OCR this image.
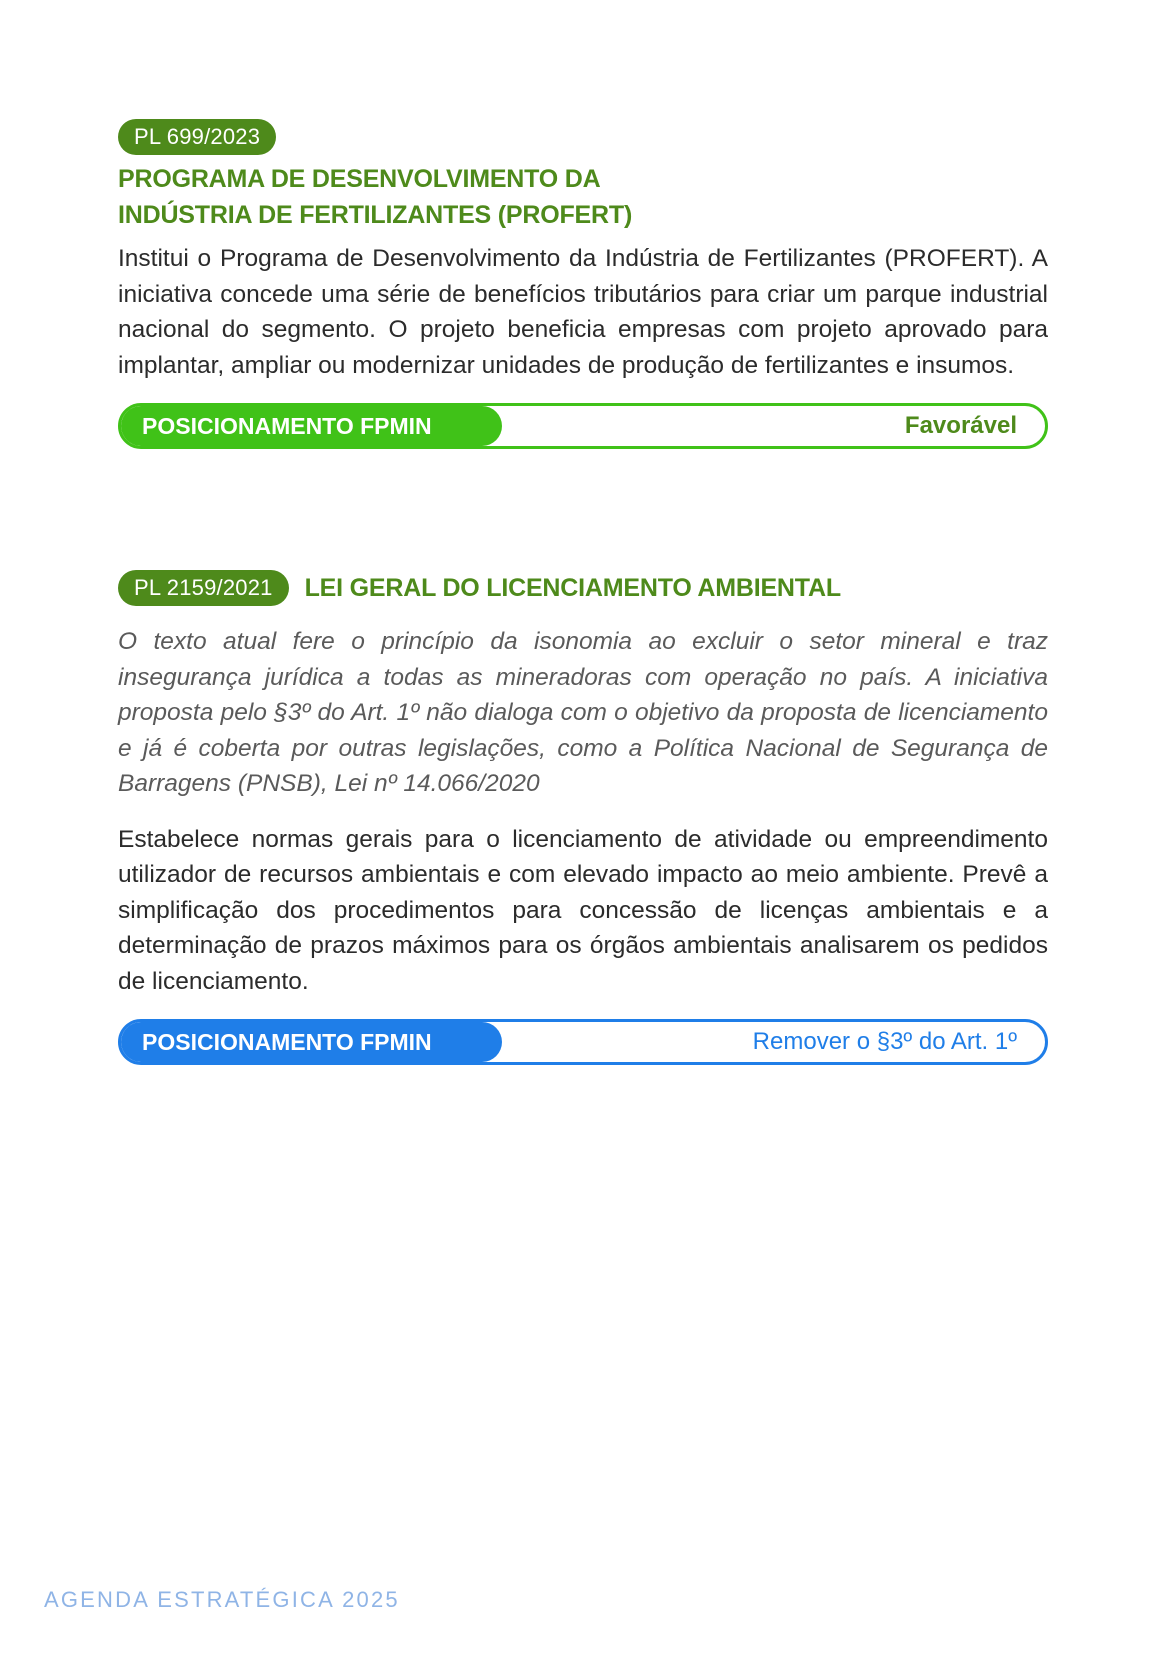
PL 699/2023
PROGRAMA DE DESENVOLVIMENTO DA
INDÚSTRIA DE FERTILIZANTES (PROFERT)

Institui o Programa de Desenvolvimento da Indústria de Fertilizantes (PROFERT). A iniciativa concede uma série de benefícios tributários para criar um parque industrial nacional do segmento. O projeto beneficia empresas com projeto aprovado para implantar, ampliar ou modernizar unidades de produção de fertilizantes e insumos.

POSICIONAMENTO FPMIN	Favorável
PL 2159/2021	LEI GERAL DO LICENCIAMENTO AMBIENTAL

O texto atual fere o princípio da isonomia ao excluir o setor mineral e traz insegurança jurídica a todas as mineradoras com operação no país. A iniciativa proposta pelo §3º do Art. 1º não dialoga com o objetivo da proposta de licenciamento e já é coberta por outras legislações, como a Política Nacional de Segurança de Barragens (PNSB), Lei nº 14.066/2020

Estabelece normas gerais para o licenciamento de atividade ou empreendimento utilizador de recursos ambientais e com elevado impacto ao meio ambiente. Prevê a simplificação dos procedimentos para concessão de licenças ambientais e a determinação de prazos máximos para os órgãos ambientais analisarem os pedidos de licenciamento.

POSICIONAMENTO FPMIN	Remover o §3º do Art. 1º
AGENDA ESTRATÉGICA 2025
